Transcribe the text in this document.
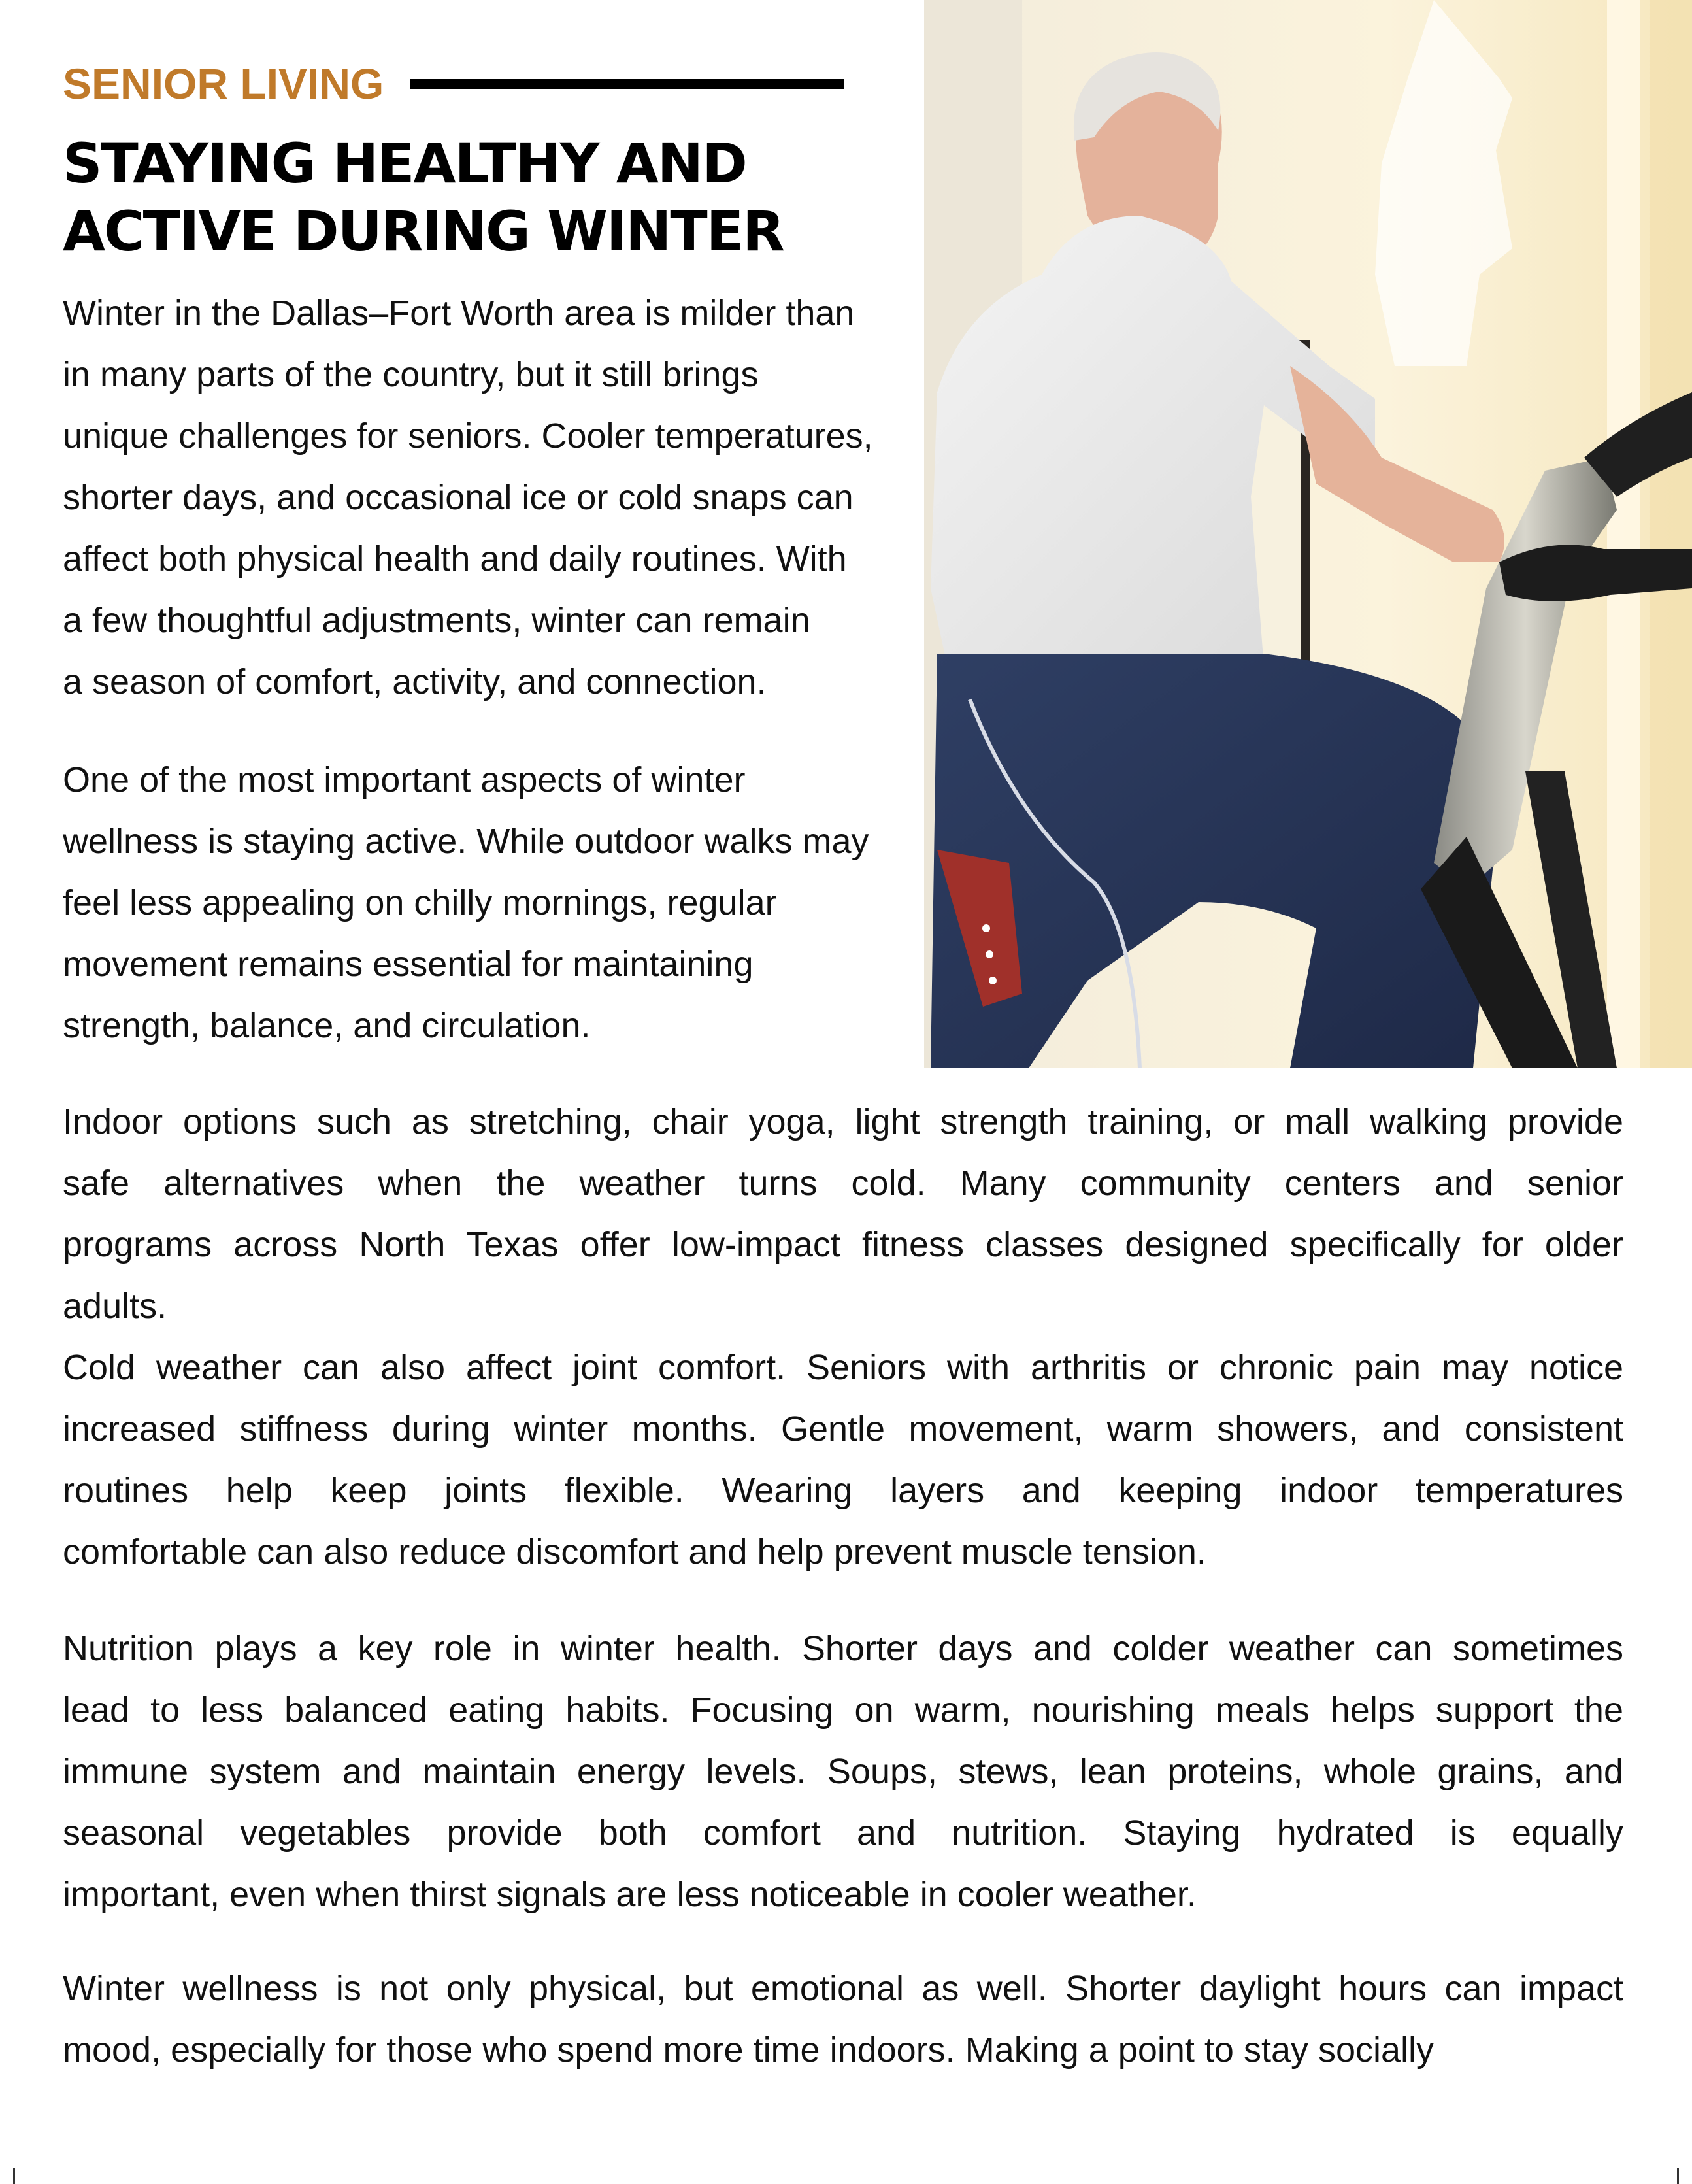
SENIOR LIVING
STAYING HEALTHY AND
ACTIVE DURING WINTER
Winter in the Dallas–Fort Worth area is milder than
in many parts of the country, but it still brings
unique challenges for seniors. Cooler temperatures,
shorter days, and occasional ice or cold snaps can
affect both physical health and daily routines. With
a few thoughtful adjustments, winter can remain
a season of comfort, activity, and connection.
One of the most important aspects of winter
wellness is staying active. While outdoor walks may
feel less appealing on chilly mornings, regular
movement remains essential for maintaining
strength, balance, and circulation.
Indoor options such as stretching, chair yoga, light strength training, or mall walking provide
safe alternatives when the weather turns cold. Many community centers and senior
programs across North Texas offer low-impact fitness classes designed specifically for older
adults.
Cold weather can also affect joint comfort. Seniors with arthritis or chronic pain may notice
increased stiffness during winter months. Gentle movement, warm showers, and consistent
routines help keep joints flexible. Wearing layers and keeping indoor temperatures
comfortable can also reduce discomfort and help prevent muscle tension.
Nutrition plays a key role in winter health. Shorter days and colder weather can sometimes
lead to less balanced eating habits. Focusing on warm, nourishing meals helps support the
immune system and maintain energy levels. Soups, stews, lean proteins, whole grains, and
seasonal vegetables provide both comfort and nutrition. Staying hydrated is equally
important, even when thirst signals are less noticeable in cooler weather.
Winter wellness is not only physical, but emotional as well. Shorter daylight hours can impact
mood, especially for those who spend more time indoors. Making a point to stay socially
